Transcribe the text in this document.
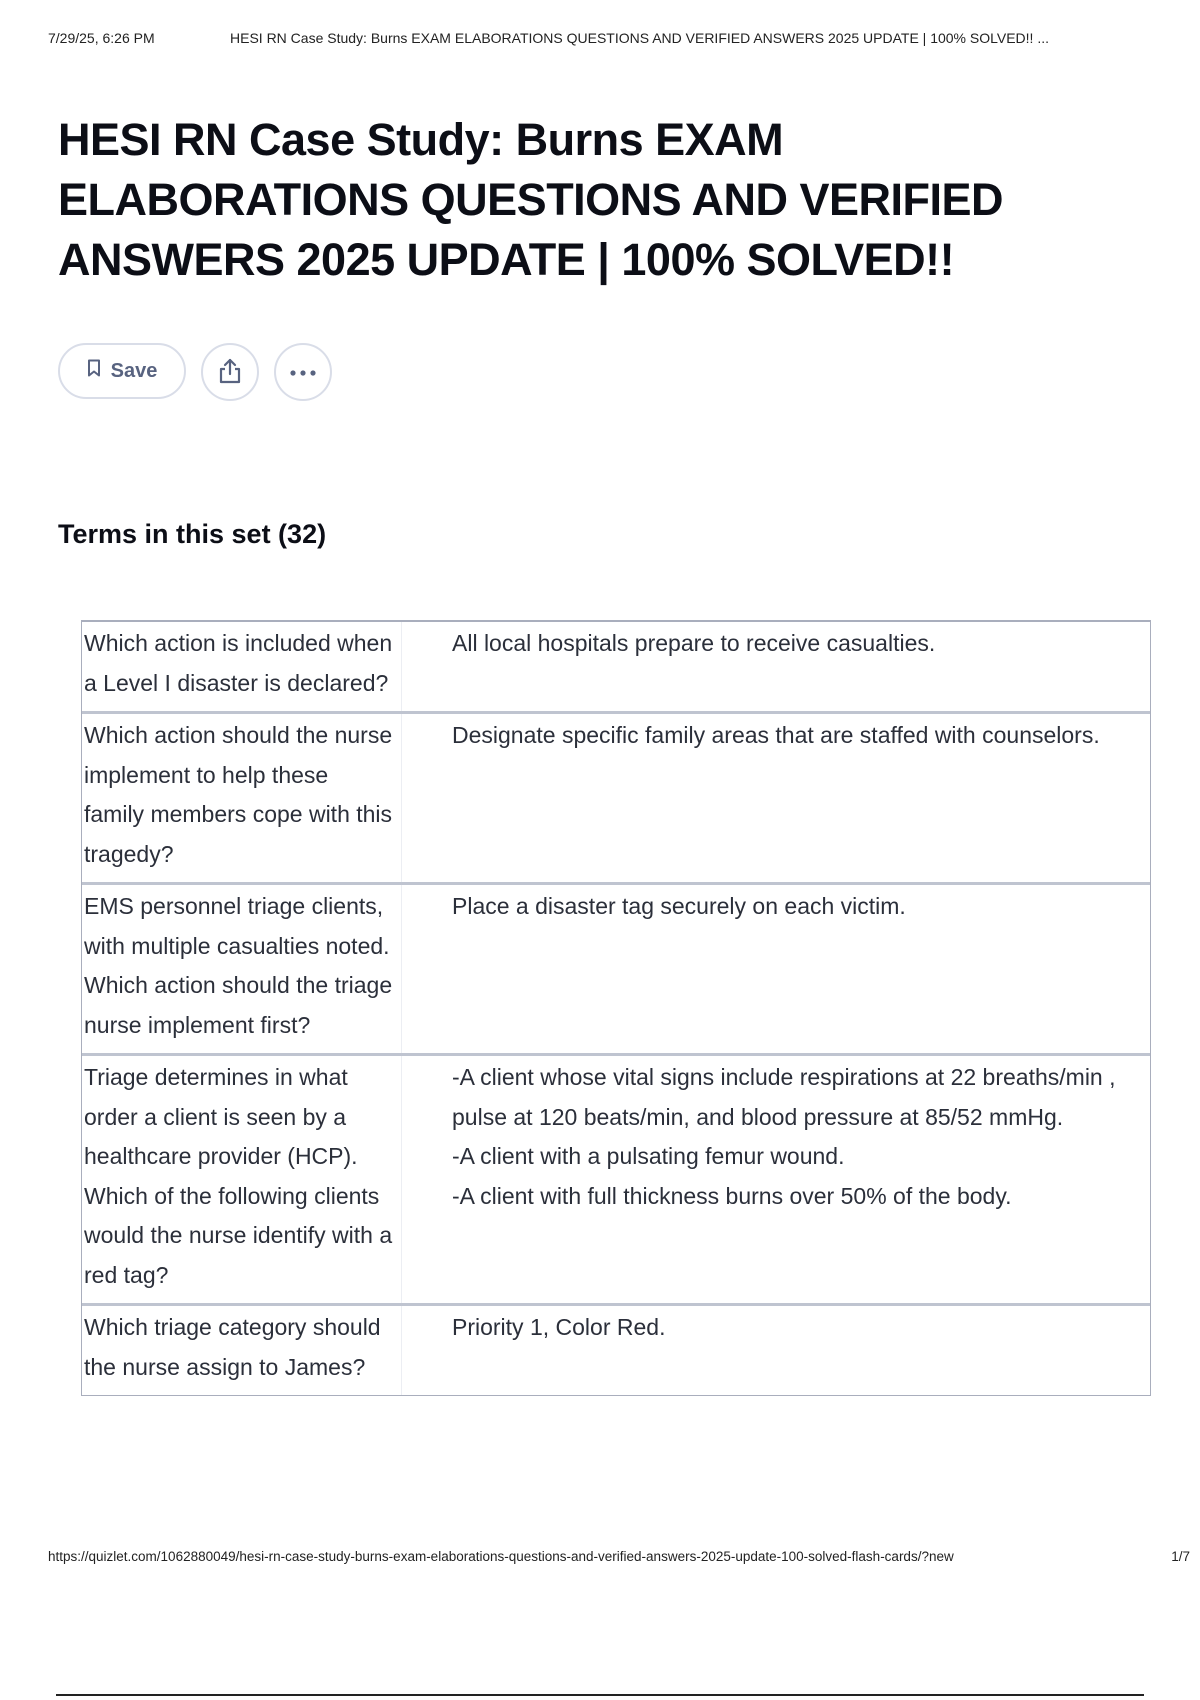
7/29/25, 6:26 PM	HESI RN Case Study: Burns EXAM ELABORATIONS QUESTIONS AND VERIFIED ANSWERS 2025 UPDATE | 100% SOLVED!! ...
HESI RN Case Study: Burns EXAM ELABORATIONS QUESTIONS AND VERIFIED ANSWERS 2025 UPDATE | 100% SOLVED!!
Save
Terms in this set (32)
Which action is included when a Level I disaster is declared?
All local hospitals prepare to receive casualties.
Which action should the nurse implement to help these family members cope with this tragedy?
Designate specific family areas that are staffed with counselors.
EMS personnel triage clients, with multiple casualties noted. Which action should the triage nurse implement first?
Place a disaster tag securely on each victim.
Triage determines in what order a client is seen by a healthcare provider (HCP). Which of the following clients would the nurse identify with a red tag?
-A client whose vital signs include respirations at 22 breaths/min , pulse at 120 beats/min, and blood pressure at 85/52 mmHg.
-A client with a pulsating femur wound.
-A client with full thickness burns over 50% of the body.
Which triage category should the nurse assign to James?
Priority 1, Color Red.
https://quizlet.com/1062880049/hesi-rn-case-study-burns-exam-elaborations-questions-and-verified-answers-2025-update-100-solved-flash-cards/?new	1/7
